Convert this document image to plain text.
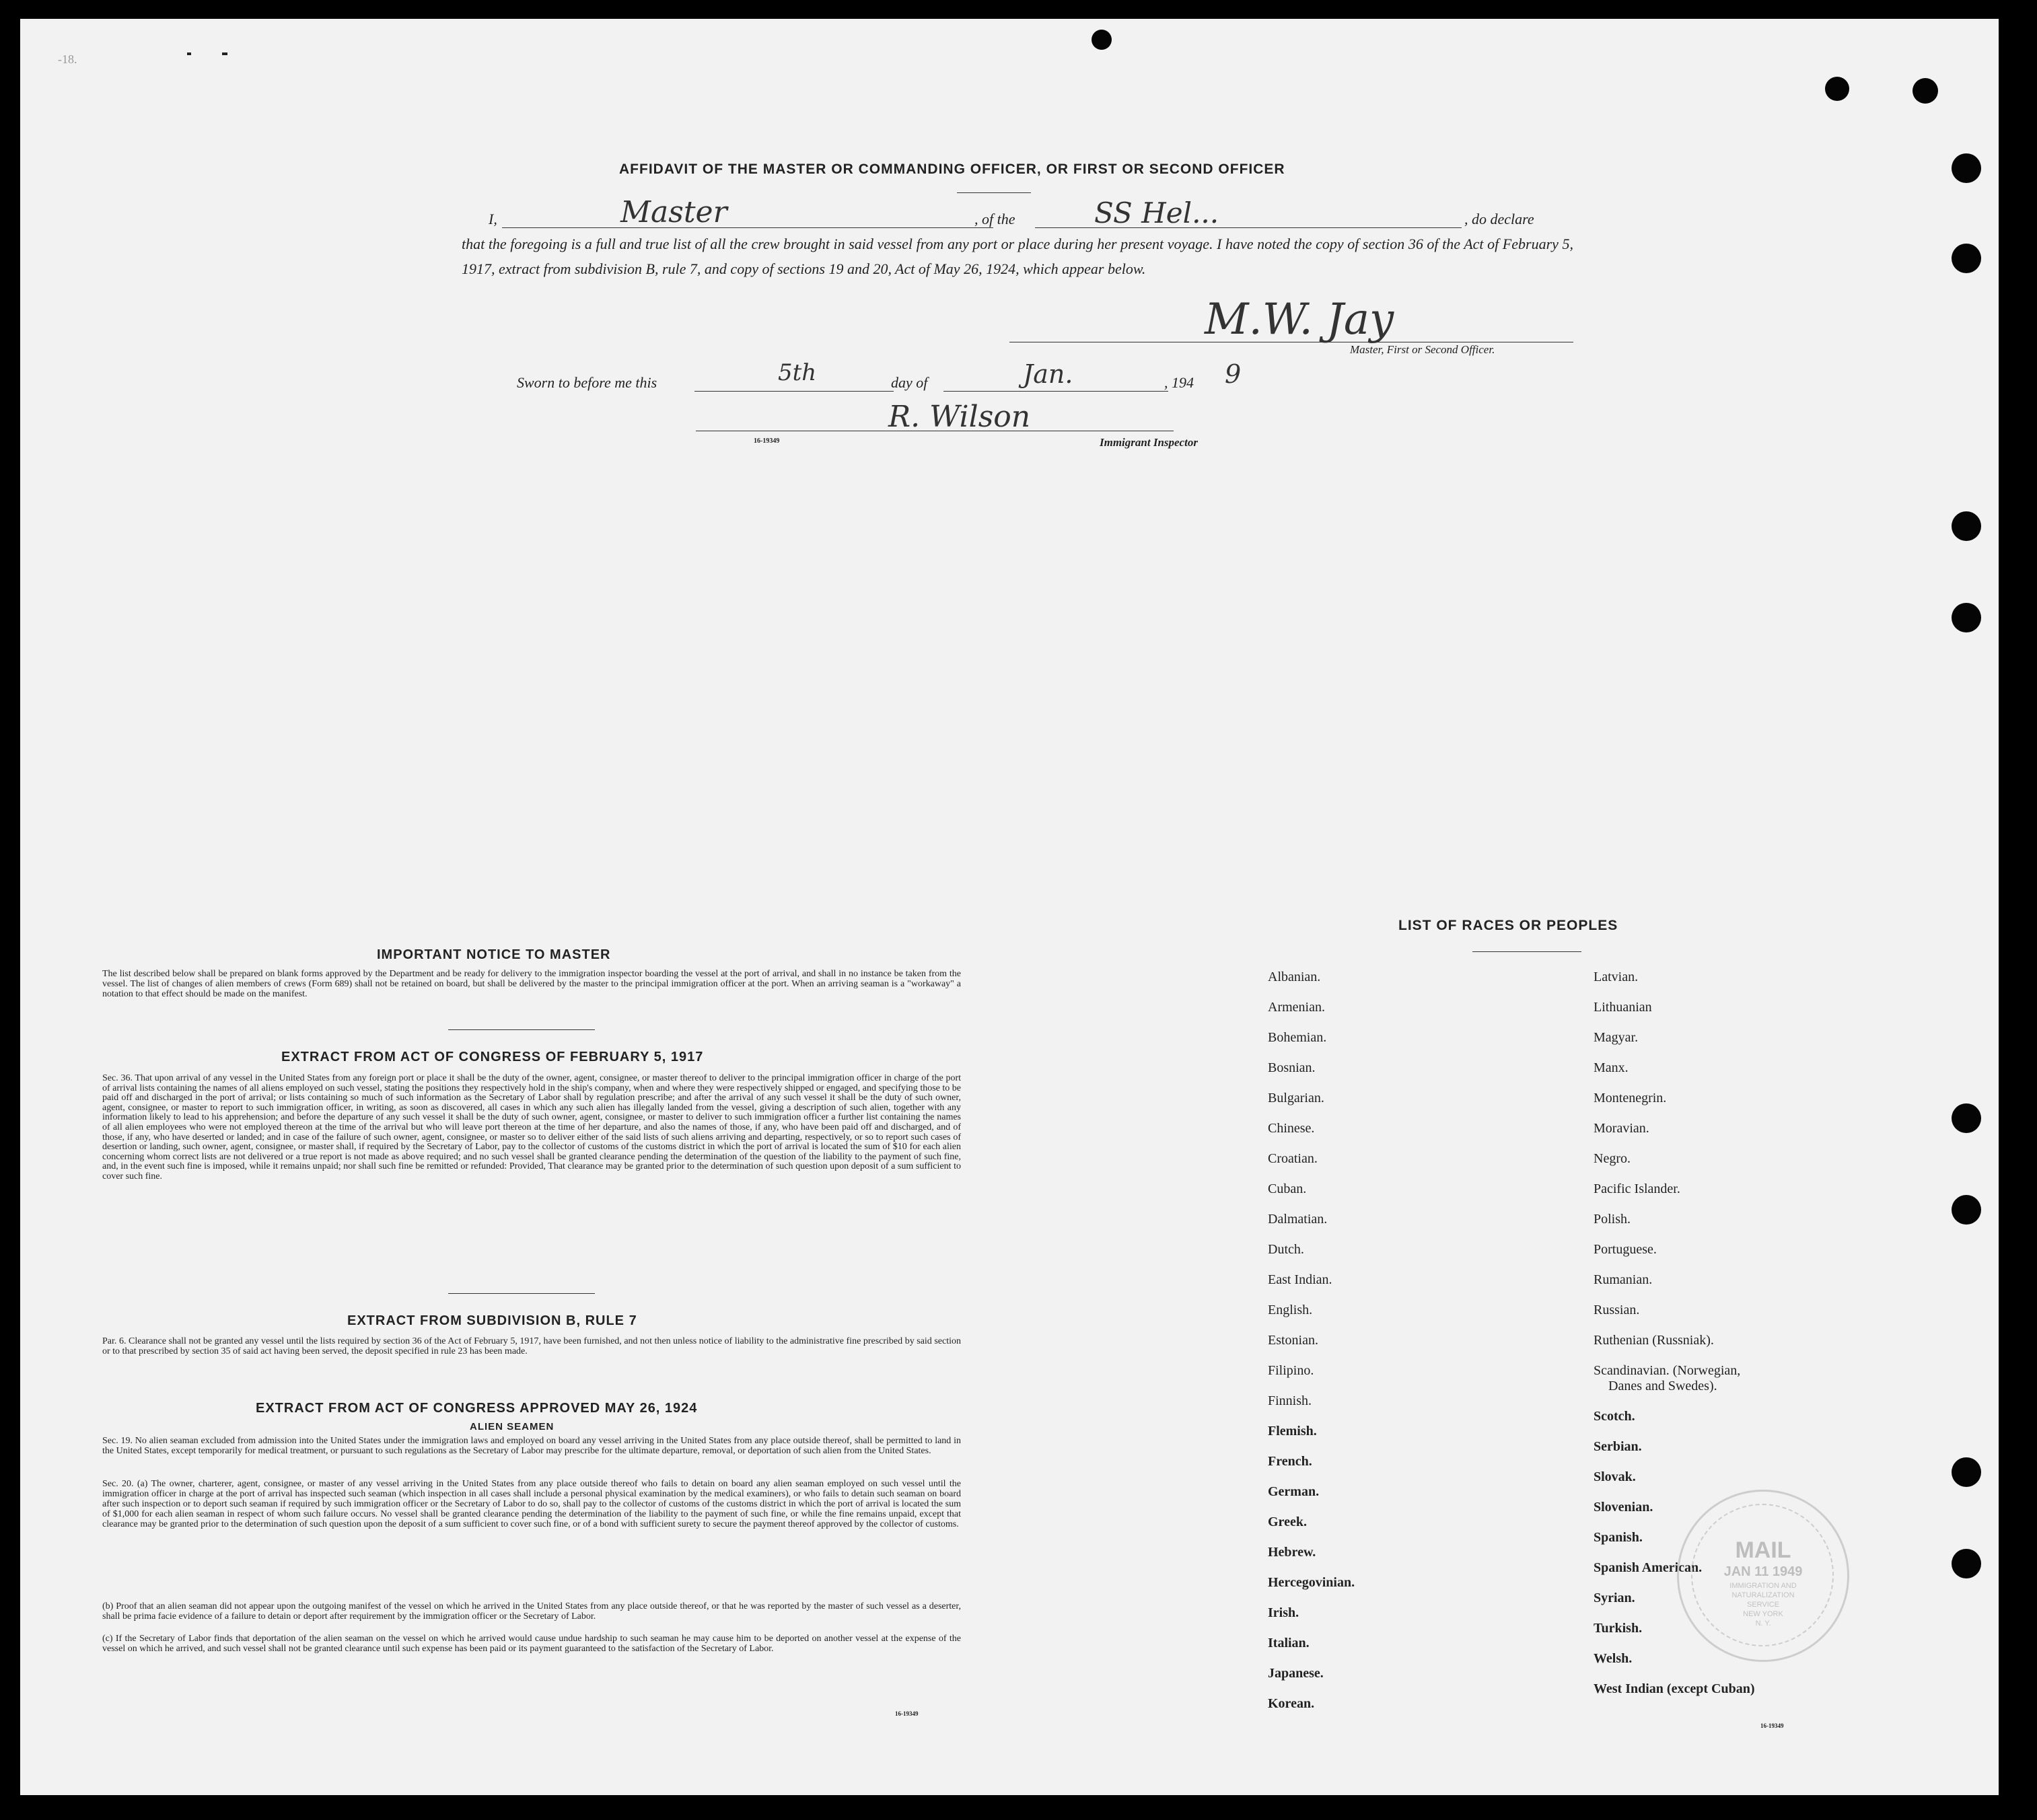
-18.
AFFIDAVIT OF THE MASTER OR COMMANDING OFFICER, OR FIRST OR SECOND OFFICER
I,	Master	, of the	SS Hel...	, do declare
that the foregoing is a full and true list of all the crew brought in said vessel from any port or place during her present voyage. I have noted the copy of section 36 of the Act of February 5, 1917, extract from subdivision B, rule 7, and copy of sections 19 and 20, Act of May 26, 1924, which appear below.
M.W. Jay
Master, First or Second Officer.
Sworn to before me this	5th	day of	Jan.	, 194 9
R. Wilson
16-19349	Immigrant Inspector
IMPORTANT NOTICE TO MASTER
The list described below shall be prepared on blank forms approved by the Department and be ready for delivery to the immigration inspector boarding the vessel at the port of arrival, and shall in no instance be taken from the vessel. The list of changes of alien members of crews (Form 689) shall not be retained on board, but shall be delivered by the master to the principal immigration officer at the port. When an arriving seaman is a "workaway" a notation to that effect should be made on the manifest.
EXTRACT FROM ACT OF CONGRESS OF FEBRUARY 5, 1917
Sec. 36. That upon arrival of any vessel in the United States from any foreign port or place it shall be the duty of the owner, agent, consignee, or master thereof to deliver to the principal immigration officer in charge of the port of arrival lists containing the names of all aliens employed on such vessel, stating the positions they respectively hold in the ship's company, when and where they were respectively shipped or engaged, and specifying those to be paid off and discharged in the port of arrival; or lists containing so much of such information as the Secretary of Labor shall by regulation prescribe; and after the arrival of any such vessel it shall be the duty of such owner, agent, consignee, or master to report to such immigration officer, in writing, as soon as discovered, all cases in which any such alien has illegally landed from the vessel, giving a description of such alien, together with any information likely to lead to his apprehension; and before the departure of any such vessel it shall be the duty of such owner, agent, consignee, or master to deliver to such immigration officer a further list containing the names of all alien employees who were not employed thereon at the time of the arrival but who will leave port thereon at the time of her departure, and also the names of those, if any, who have been paid off and discharged, and of those, if any, who have deserted or landed; and in case of the failure of such owner, agent, consignee, or master so to deliver either of the said lists of such aliens arriving and departing, respectively, or so to report such cases of desertion or landing, such owner, agent, consignee, or master shall, if required by the Secretary of Labor, pay to the collector of customs of the customs district in which the port of arrival is located the sum of $10 for each alien concerning whom correct lists are not delivered or a true report is not made as above required; and no such vessel shall be granted clearance pending the determination of the question of the liability to the payment of such fine, and, in the event such fine is imposed, while it remains unpaid; nor shall such fine be remitted or refunded: Provided, That clearance may be granted prior to the determination of such question upon deposit of a sum sufficient to cover such fine.
EXTRACT FROM SUBDIVISION B, RULE 7
Par. 6. Clearance shall not be granted any vessel until the lists required by section 36 of the Act of February 5, 1917, have been furnished, and not then unless notice of liability to the administrative fine prescribed by said section or to that prescribed by section 35 of said act having been served, the deposit specified in rule 23 has been made.
EXTRACT FROM ACT OF CONGRESS APPROVED MAY 26, 1924
ALIEN SEAMEN
Sec. 19. No alien seaman excluded from admission into the United States under the immigration laws and employed on board any vessel arriving in the United States from any place outside thereof, shall be permitted to land in the United States, except temporarily for medical treatment, or pursuant to such regulations as the Secretary of Labor may prescribe for the ultimate departure, removal, or deportation of such alien from the United States.
Sec. 20. (a) The owner, charterer, agent, consignee, or master of any vessel arriving in the United States from any place outside thereof who fails to detain on board any alien seaman employed on such vessel until the immigration officer in charge at the port of arrival has inspected such seaman (which inspection in all cases shall include a personal physical examination by the medical examiners), or who fails to detain such seaman on board after such inspection or to deport such seaman if required by such immigration officer or the Secretary of Labor to do so, shall pay to the collector of customs of the customs district in which the port of arrival is located the sum of $1,000 for each alien seaman in respect of whom such failure occurs. No vessel shall be granted clearance pending the determination of the liability to the payment of such fine, or while the fine remains unpaid, except that clearance may be granted prior to the determination of such question upon the deposit of a sum sufficient to cover such fine, or of a bond with sufficient surety to secure the payment thereof approved by the collector of customs.
(b) Proof that an alien seaman did not appear upon the outgoing manifest of the vessel on which he arrived in the United States from any place outside thereof, or that he was reported by the master of such vessel as a deserter, shall be prima facie evidence of a failure to detain or deport after requirement by the immigration officer or the Secretary of Labor.
(c) If the Secretary of Labor finds that deportation of the alien seaman on the vessel on which he arrived would cause undue hardship to such seaman he may cause him to be deported on another vessel at the expense of the vessel on which he arrived, and such vessel shall not be granted clearance until such expense has been paid or its payment guaranteed to the satisfaction of the Secretary of Labor.
16-19349
LIST OF RACES OR PEOPLES
Albanian.
Armenian.
Bohemian.
Bosnian.
Bulgarian.
Chinese.
Croatian.
Cuban.
Dalmatian.
Dutch.
East Indian.
English.
Estonian.
Filipino.
Finnish.
Flemish.
French.
German.
Greek.
Hebrew.
Hercegovinian.
Irish.
Italian.
Japanese.
Korean.
Latvian.
Lithuanian
Magyar.
Manx.
Montenegrin.
Moravian.
Negro.
Pacific Islander.
Polish.
Portuguese.
Rumanian.
Russian.
Ruthenian (Russniak).
Scandinavian. (Norwegian,
Danes and Swedes).
Scotch.
Serbian.
Slovak.
Slovenian.
Spanish.
Spanish American.
Syrian.
Turkish.
Welsh.
West Indian (except Cuban)
16-19349
MAIL
JAN 11 1949
IMMIGRATION AND
NATURALIZATION
SERVICE
NEW YORK
N. Y.
